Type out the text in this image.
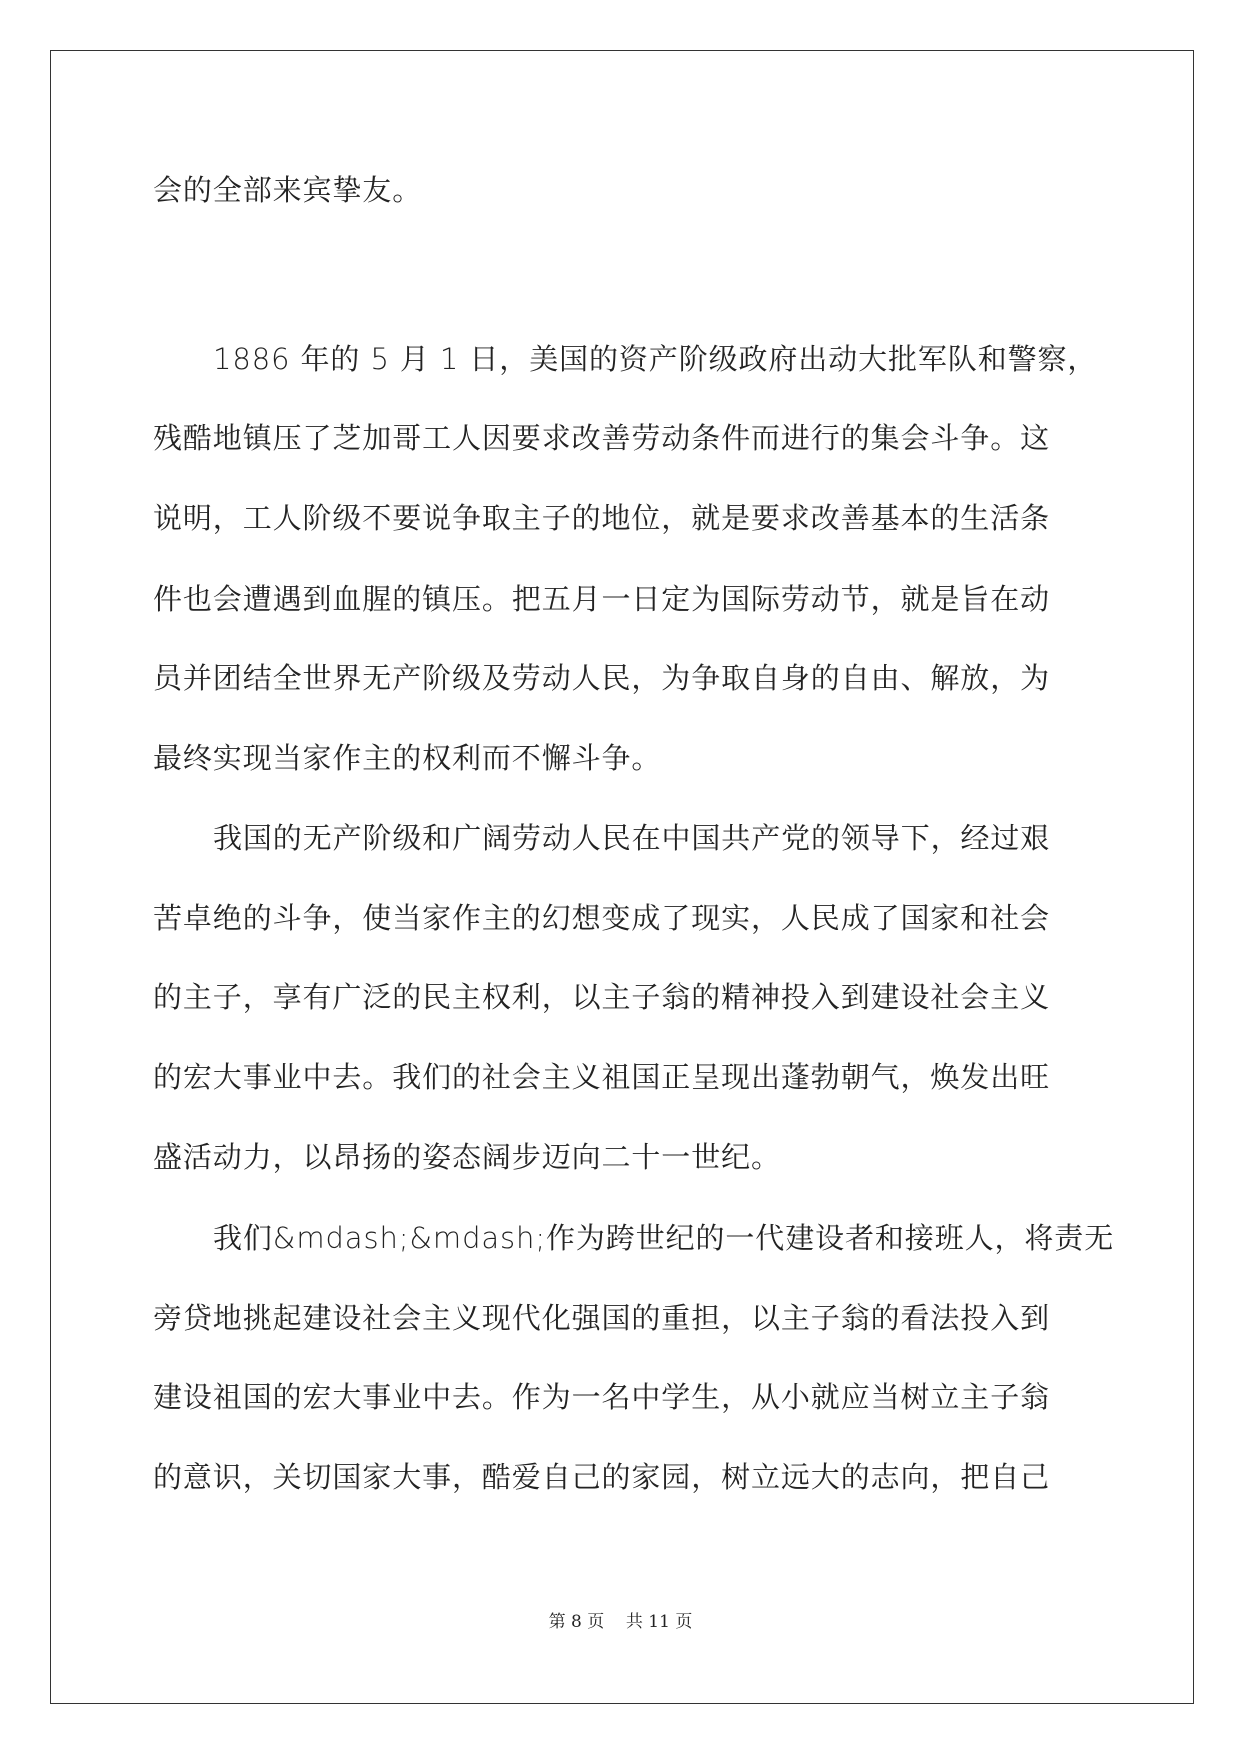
会的全部来宾挚友。
1886 年的 5 月 1 日，美国的资产阶级政府出动大批军队和警察，
残酷地镇压了芝加哥工人因要求改善劳动条件而进行的集会斗争。这
说明，工人阶级不要说争取主子的地位，就是要求改善基本的生活条
件也会遭遇到血腥的镇压。把五月一日定为国际劳动节，就是旨在动
员并团结全世界无产阶级及劳动人民，为争取自身的自由、解放，为
最终实现当家作主的权利而不懈斗争。
我国的无产阶级和广阔劳动人民在中国共产党的领导下，经过艰
苦卓绝的斗争，使当家作主的幻想变成了现实，人民成了国家和社会
的主子，享有广泛的民主权利，以主子翁的精神投入到建设社会主义
的宏大事业中去。我们的社会主义祖国正呈现出蓬勃朝气，焕发出旺
盛活动力，以昂扬的姿态阔步迈向二十一世纪。
我们&mdash;&mdash;作为跨世纪的一代建设者和接班人，将责无
旁贷地挑起建设社会主义现代化强国的重担，以主子翁的看法投入到
建设祖国的宏大事业中去。作为一名中学生，从小就应当树立主子翁
的意识，关切国家大事，酷爱自己的家园，树立远大的志向，把自己
第 8 页    共 11 页
